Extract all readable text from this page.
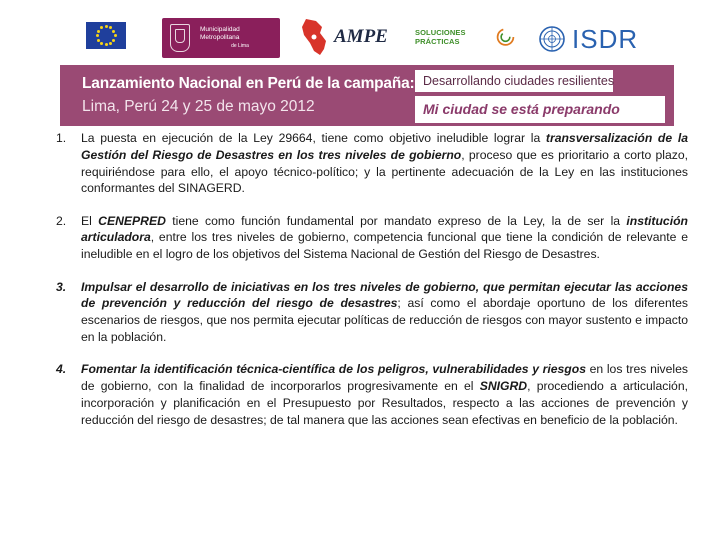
Municipalidad Metropolitana
de Lima	AMPE	SOLUCIONES PRÁCTICAS	ISDR
Lanzamiento Nacional en Perú de la campaña:
Lima, Perú 24 y 25 de mayo 2012
Desarrollando ciudades resilientes
Mi ciudad se está preparando
1.	La puesta en ejecución de la Ley 29664, tiene como objetivo ineludible lograr la transversalización de la Gestión del Riesgo de Desastres en los tres niveles de gobierno, proceso que es prioritario a corto plazo, requiriéndose para ello, el apoyo técnico-político; y la pertinente adecuación de la Ley en las instituciones conformantes del SINAGERD.
2.	El CENEPRED tiene como función fundamental por mandato expreso de la Ley, la de ser la institución articuladora, entre los tres niveles de gobierno, competencia funcional que tiene la condición de relevante e ineludible en el logro de los objetivos del Sistema Nacional de Gestión del Riesgo de Desastres.
3.	Impulsar el desarrollo de iniciativas en los tres niveles de gobierno, que permitan ejecutar las acciones de prevención y reducción del riesgo de desastres; así como el abordaje oportuno de los diferentes escenarios de riesgos, que nos permita ejecutar políticas de reducción de riesgos con mayor sustento e impacto en la población.
4.	Fomentar la identificación técnica-científica de los peligros, vulnerabilidades y riesgos en los tres niveles de gobierno, con la finalidad de incorporarlos progresivamente en el SNIGRD, procediendo a articulación, incorporación y planificación en el Presupuesto por Resultados, respecto a las acciones de prevención y reducción del riesgo de desastres; de tal manera que las acciones sean efectivas en beneficio de la población.
